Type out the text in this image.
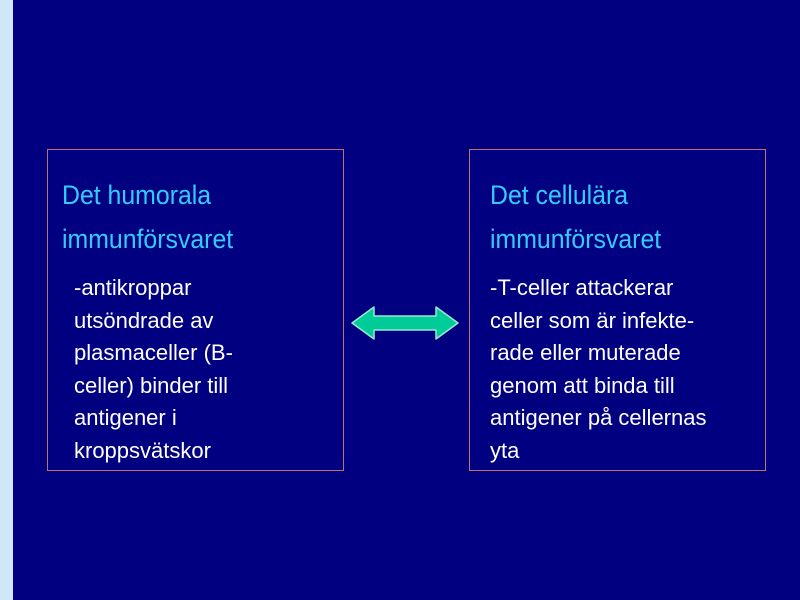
Det humorala
immunförsvaret
-antikroppar
utsöndrade av
plasmaceller (B-
celler) binder till
antigener i
kroppsvätskor
Det cellulära
immunförsvaret
-T-celler attackerar
celler som är infekte-
rade eller muterade
genom att binda till
antigener på cellernas
yta
